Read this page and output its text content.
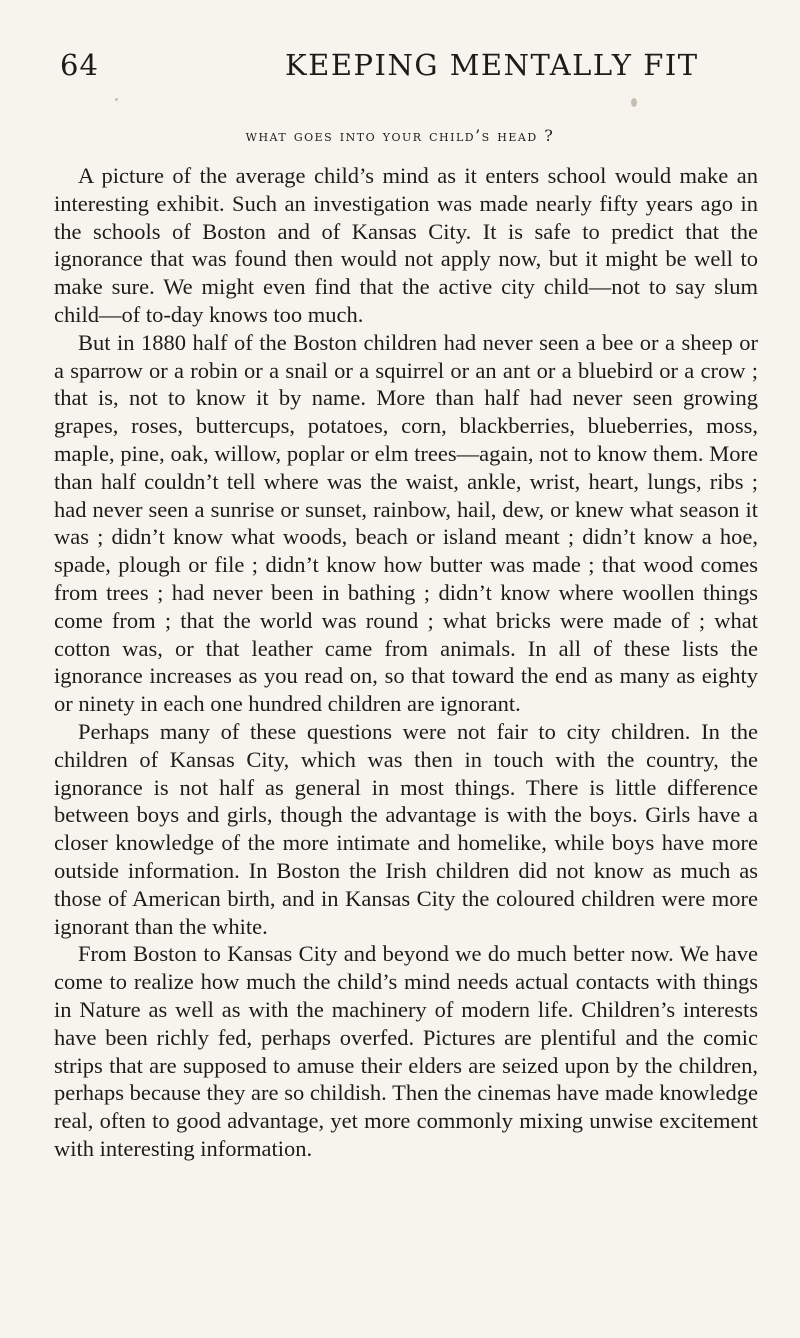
64	KEEPING MENTALLY FIT
what goes into your child’s head ?

A picture of the average child’s mind as it enters school would make an interesting exhibit. Such an investigation was made nearly fifty years ago in the schools of Boston and of Kansas City. It is safe to predict that the ignorance that was found then would not apply now, but it might be well to make sure. We might even find that the active city child—not to say slum child—of to-day knows too much.

But in 1880 half of the Boston children had never seen a bee or a sheep or a sparrow or a robin or a snail or a squirrel or an ant or a bluebird or a crow ; that is, not to know it by name. More than half had never seen growing grapes, roses, buttercups, potatoes, corn, blackberries, blueberries, moss, maple, pine, oak, willow, poplar or elm trees—again, not to know them. More than half couldn’t tell where was the waist, ankle, wrist, heart, lungs, ribs ; had never seen a sunrise or sunset, rainbow, hail, dew, or knew what season it was ; didn’t know what woods, beach or island meant ; didn’t know a hoe, spade, plough or file ; didn’t know how butter was made ; that wood comes from trees ; had never been in bathing ; didn’t know where woollen things come from ; that the world was round ; what bricks were made of ; what cotton was, or that leather came from animals. In all of these lists the ignorance increases as you read on, so that toward the end as many as eighty or ninety in each one hundred children are ignorant.

Perhaps many of these questions were not fair to city children. In the children of Kansas City, which was then in touch with the country, the ignorance is not half as general in most things. There is little difference between boys and girls, though the advantage is with the boys. Girls have a closer knowledge of the more intimate and homelike, while boys have more outside information. In Boston the Irish children did not know as much as those of American birth, and in Kansas City the coloured children were more ignorant than the white.

From Boston to Kansas City and beyond we do much better now. We have come to realize how much the child’s mind needs actual contacts with things in Nature as well as with the machinery of modern life. Children’s interests have been richly fed, perhaps overfed. Pictures are plentiful and the comic strips that are supposed to amuse their elders are seized upon by the children, perhaps because they are so childish. Then the cinemas have made knowledge real, often to good advantage, yet more commonly mixing unwise excitement with interesting information.
